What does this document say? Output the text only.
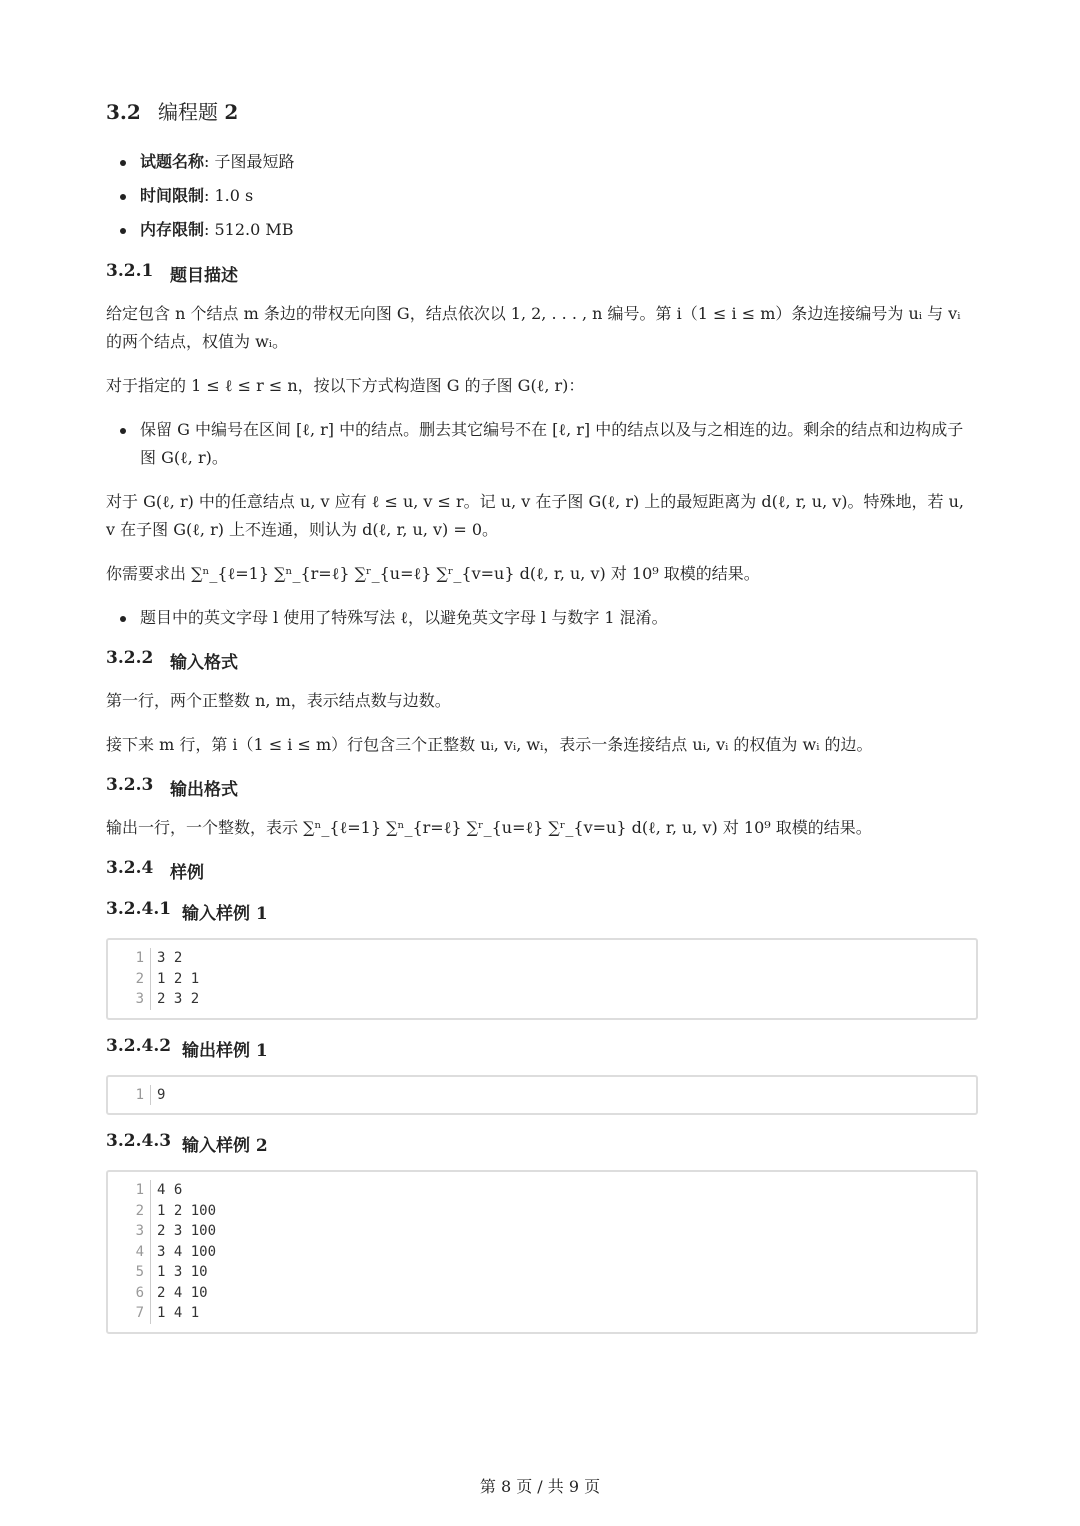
3.2 编程题 2
试题名称: 子图最短路
时间限制: 1.0 s
内存限制: 512.0 MB
3.2.1 题目描述

给定包含 n 个结点 m 条边的带权无向图 G，结点依次以 1, 2, . . . , n 编号。第 i（1 ≤ i ≤ m）条边连接编号为 uᵢ 与 vᵢ 的两个结点，权值为 wᵢ。

对于指定的 1 ≤ ℓ ≤ r ≤ n，按以下方式构造图 G 的子图 G(ℓ, r)：

保留 G 中编号在区间 [ℓ, r] 中的结点。删去其它编号不在 [ℓ, r] 中的结点以及与之相连的边。剩余的结点和边构成子图 G(ℓ, r)。

对于 G(ℓ, r) 中的任意结点 u, v 应有 ℓ ≤ u, v ≤ r。记 u, v 在子图 G(ℓ, r) 上的最短距离为 d(ℓ, r, u, v)。特殊地，若 u, v 在子图 G(ℓ, r) 上不连通，则认为 d(ℓ, r, u, v) = 0。

你需要求出 ∑ⁿ_{ℓ=1} ∑ⁿ_{r=ℓ} ∑ʳ_{u=ℓ} ∑ʳ_{v=u} d(ℓ, r, u, v) 对 10⁹ 取模的结果。

题目中的英文字母 l 使用了特殊写法 ℓ，以避免英文字母 l 与数字 1 混淆。
3.2.2 输入格式

第一行，两个正整数 n, m，表示结点数与边数。

接下来 m 行，第 i（1 ≤ i ≤ m）行包含三个正整数 uᵢ, vᵢ, wᵢ，表示一条连接结点 uᵢ, vᵢ 的权值为 wᵢ 的边。

3.2.3 输出格式

输出一行，一个整数，表示 ∑ⁿ_{ℓ=1} ∑ⁿ_{r=ℓ} ∑ʳ_{u=ℓ} ∑ʳ_{v=u} d(ℓ, r, u, v) 对 10⁹ 取模的结果。

3.2.4 样例
3.2.4.1 输入样例 1
1 3 2
2 1 2 1
3 2 3 2
3.2.4.2 输出样例 1
1 9
3.2.4.3 输入样例 2
1 4 6
2 1 2 100
3 2 3 100
4 3 4 100
5 1 3 10
6 2 4 10
7 1 4 1
第 8 页 / 共 9 页
